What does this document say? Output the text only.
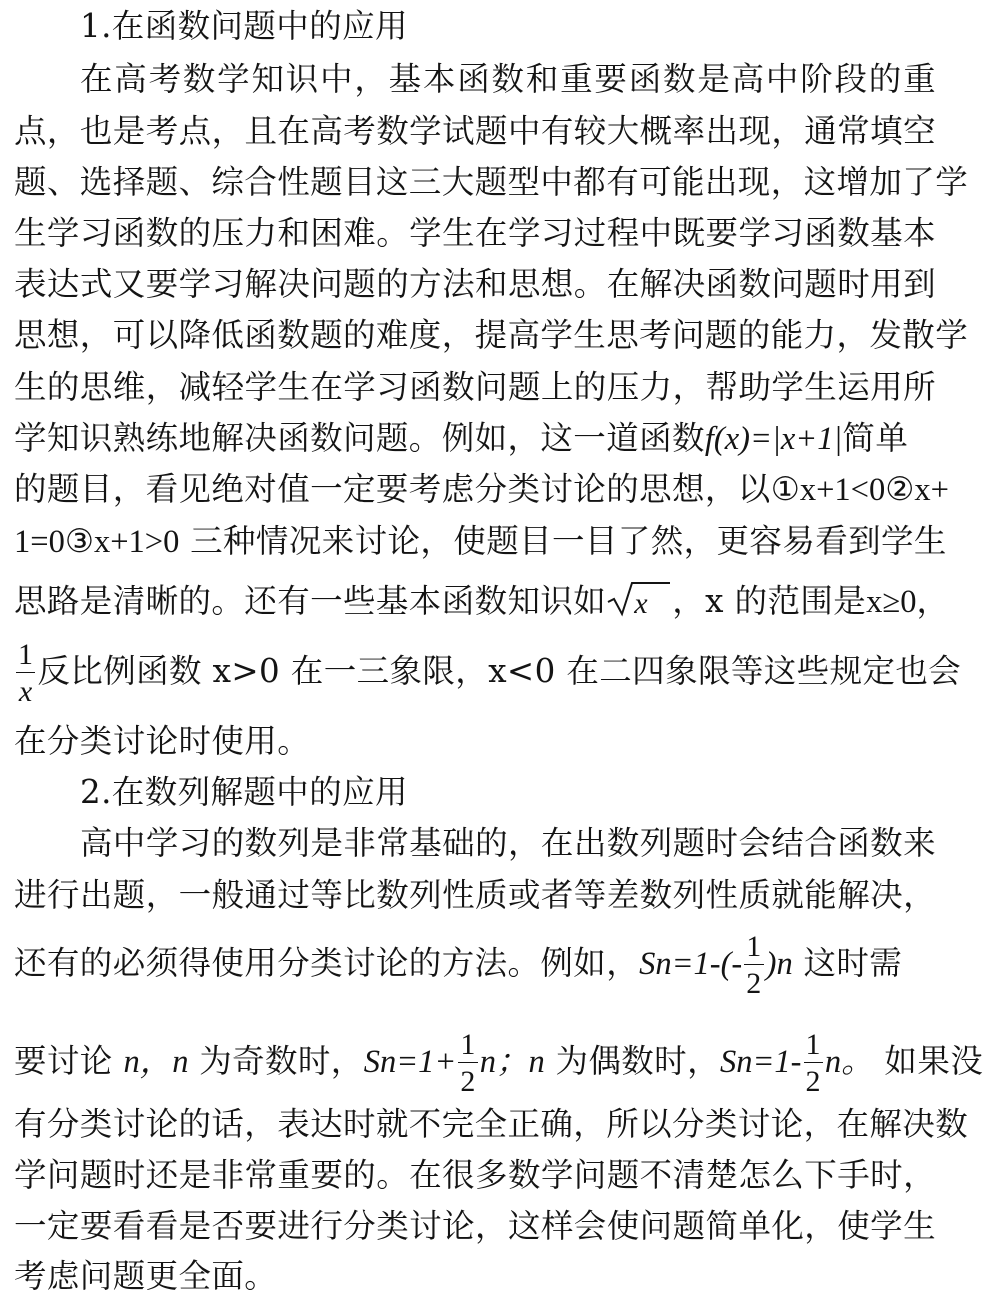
1.在函数问题中的应用
在高考数学知识中，基本函数和重要函数是高中阶段的重
点，也是考点，且在高考数学试题中有较大概率出现，通常填空
题、选择题、综合性题目这三大题型中都有可能出现，这增加了学
生学习函数的压力和困难。学生在学习过程中既要学习函数基本
表达式又要学习解决问题的方法和思想。在解决函数问题时用到
思想，可以降低函数题的难度，提高学生思考问题的能力，发散学
生的思维，减轻学生在学习函数问题上的压力，帮助学生运用所
学知识熟练地解决函数问题。例如，这一道函数f(x)=|x+1|简单
的题目，看见绝对值一定要考虑分类讨论的思想，以①x+1<0②x+
1=0③x+1>0 三种情况来讨论，使题目一目了然，更容易看到学生
思路是清晰的。还有一些基本函数知识如 x ，x 的范围是x≥0，
$\frac{1}{x}$ 反比例函数 x>0 在一三象限，x<0 在二四象限等这些规定也会
在分类讨论时使用。
2.在数列解题中的应用
高中学习的数列是非常基础的，在出数列题时会结合函数来
进行出题，一般通过等比数列性质或者等差数列性质就能解决，
还有的必须得使用分类讨论的方法。例如，$Sn=1-(- \frac{1}{2} )n$ 这时需
要讨论 n，n 为奇数时，$Sn=1+ \frac{1}{2}$ n；n 为偶数时，$Sn=1- \frac{1}{2}$ n。 如果没
有分类讨论的话，表达时就不完全正确，所以分类讨论，在解决数
学问题时还是非常重要的。在很多数学问题不清楚怎么下手时，
一定要看看是否要进行分类讨论，这样会使问题简单化，使学生
考虑问题更全面。
